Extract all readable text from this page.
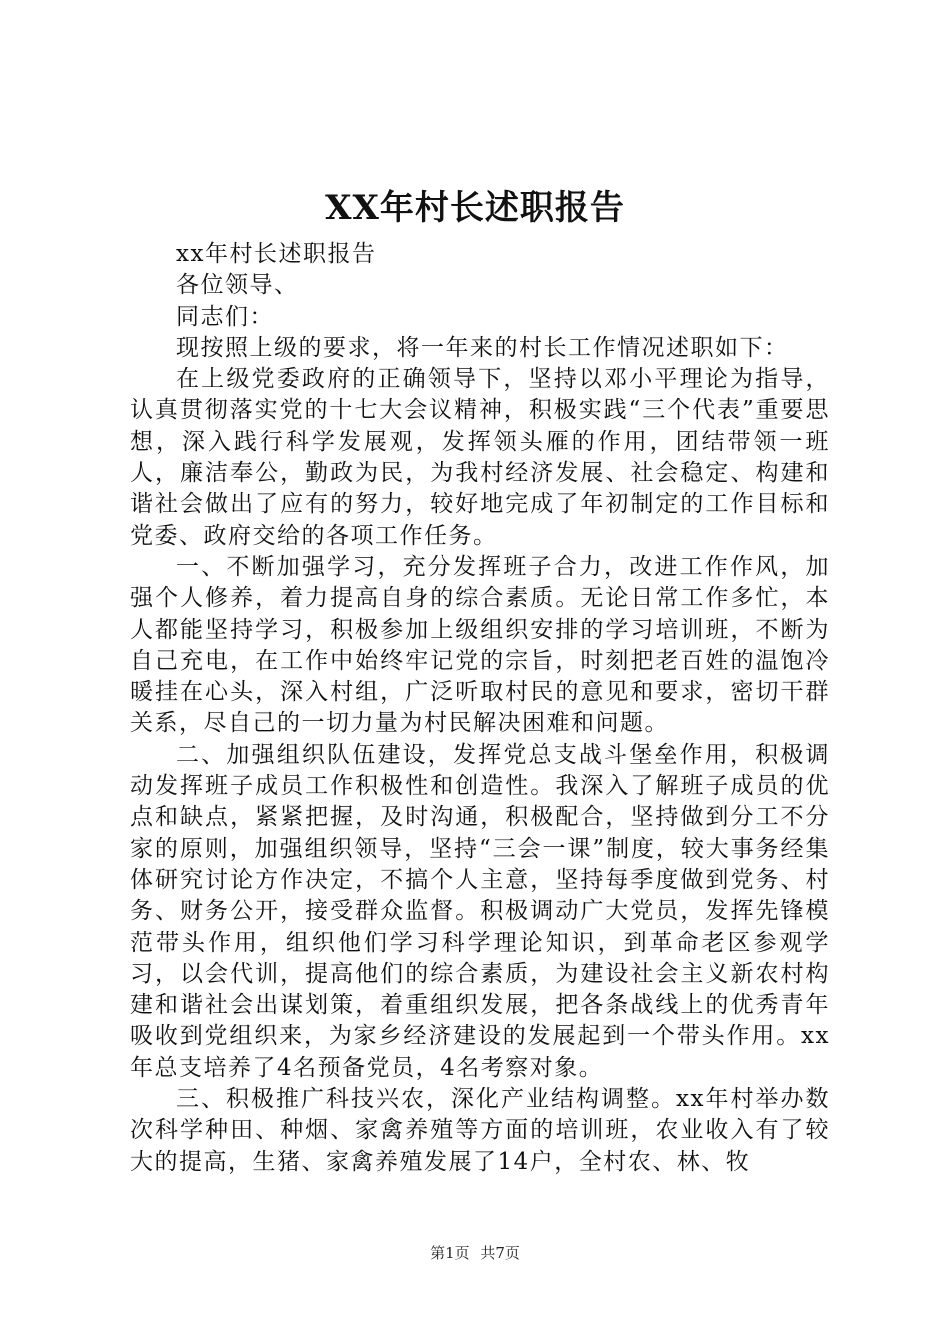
XX年村长述职报告

xx年村长述职报告

各位领导、

同志们：

现按照上级的要求，将一年来的村长工作情况述职如下：

在上级党委政府的正确领导下，坚持以邓小平理论为指导，认真贯彻落实党的十七大会议精神，积极实践“三个代表”重要思想，深入践行科学发展观，发挥领头雁的作用，团结带领一班人，廉洁奉公，勤政为民，为我村经济发展、社会稳定、构建和谐社会做出了应有的努力，较好地完成了年初制定的工作目标和党委、政府交给的各项工作任务。

一、不断加强学习，充分发挥班子合力，改进工作作风，加强个人修养，着力提高自身的综合素质。无论日常工作多忙，本人都能坚持学习，积极参加上级组织安排的学习培训班，不断为自己充电，在工作中始终牢记党的宗旨，时刻把老百姓的温饱冷暖挂在心头，深入村组，广泛听取村民的意见和要求，密切干群关系，尽自己的一切力量为村民解决困难和问题。

二、加强组织队伍建设，发挥党总支战斗堡垒作用，积极调动发挥班子成员工作积极性和创造性。我深入了解班子成员的优点和缺点，紧紧把握，及时沟通，积极配合，坚持做到分工不分家的原则，加强组织领导，坚持“三会一课”制度，较大事务经集体研究讨论方作决定，不搞个人主意，坚持每季度做到党务、村务、财务公开，接受群众监督。积极调动广大党员，发挥先锋模范带头作用，组织他们学习科学理论知识，到革命老区参观学习，以会代训，提高他们的综合素质，为建设社会主义新农村构建和谐社会出谋划策，着重组织发展，把各条战线上的优秀青年吸收到党组织来，为家乡经济建设的发展起到一个带头作用。xx年总支培养了4名预备党员，4名考察对象。

三、积极推广科技兴农，深化产业结构调整。xx年村举办数次科学种田、种烟、家禽养殖等方面的培训班，农业收入有了较大的提高，生猪、家禽养殖发展了14户，全村农、林、牧

第1页 共7页
